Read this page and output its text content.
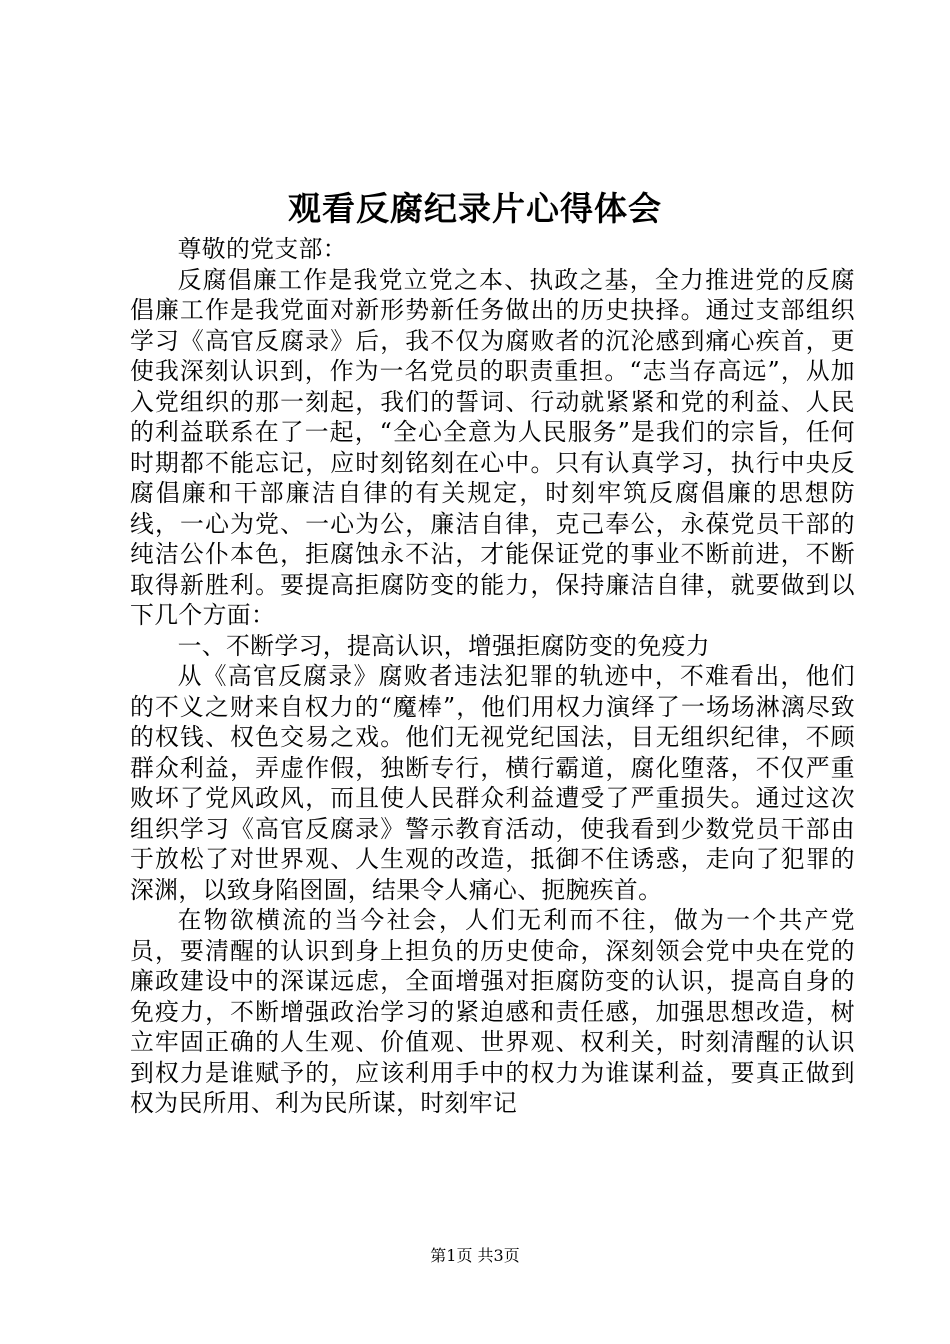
观看反腐纪录片心得体会

尊敬的党支部：

反腐倡廉工作是我党立党之本、执政之基，全力推进党的反腐倡廉工作是我党面对新形势新任务做出的历史抉择。通过支部组织学习《高官反腐录》后，我不仅为腐败者的沉沦感到痛心疾首，更使我深刻认识到，作为一名党员的职责重担。“志当存高远”，从加入党组织的那一刻起，我们的誓词、行动就紧紧和党的利益、人民的利益联系在了一起，“全心全意为人民服务”是我们的宗旨，任何时期都不能忘记，应时刻铭刻在心中。只有认真学习，执行中央反腐倡廉和干部廉洁自律的有关规定，时刻牢筑反腐倡廉的思想防线，一心为党、一心为公，廉洁自律，克己奉公，永葆党员干部的纯洁公仆本色，拒腐蚀永不沾，才能保证党的事业不断前进，不断取得新胜利。要提高拒腐防变的能力，保持廉洁自律，就要做到以下几个方面：

一、不断学习，提高认识，增强拒腐防变的免疫力

从《高官反腐录》腐败者违法犯罪的轨迹中，不难看出，他们的不义之财来自权力的“魔棒”，他们用权力演绎了一场场淋漓尽致的权钱、权色交易之戏。他们无视党纪国法，目无组织纪律，不顾群众利益，弄虚作假，独断专行，横行霸道，腐化堕落，不仅严重败坏了党风政风，而且使人民群众利益遭受了严重损失。通过这次组织学习《高官反腐录》警示教育活动，使我看到少数党员干部由于放松了对世界观、人生观的改造，抵御不住诱惑，走向了犯罪的深渊，以致身陷囹圄，结果令人痛心、扼腕疾首。

在物欲横流的当今社会，人们无利而不往，做为一个共产党员，要清醒的认识到身上担负的历史使命，深刻领会党中央在党的廉政建设中的深谋远虑，全面增强对拒腐防变的认识，提高自身的免疫力，不断增强政治学习的紧迫感和责任感，加强思想改造，树立牢固正确的人生观、价值观、世界观、权利关，时刻清醒的认识到权力是谁赋予的，应该利用手中的权力为谁谋利益，要真正做到权为民所用、利为民所谋，时刻牢记

第1页 共3页
